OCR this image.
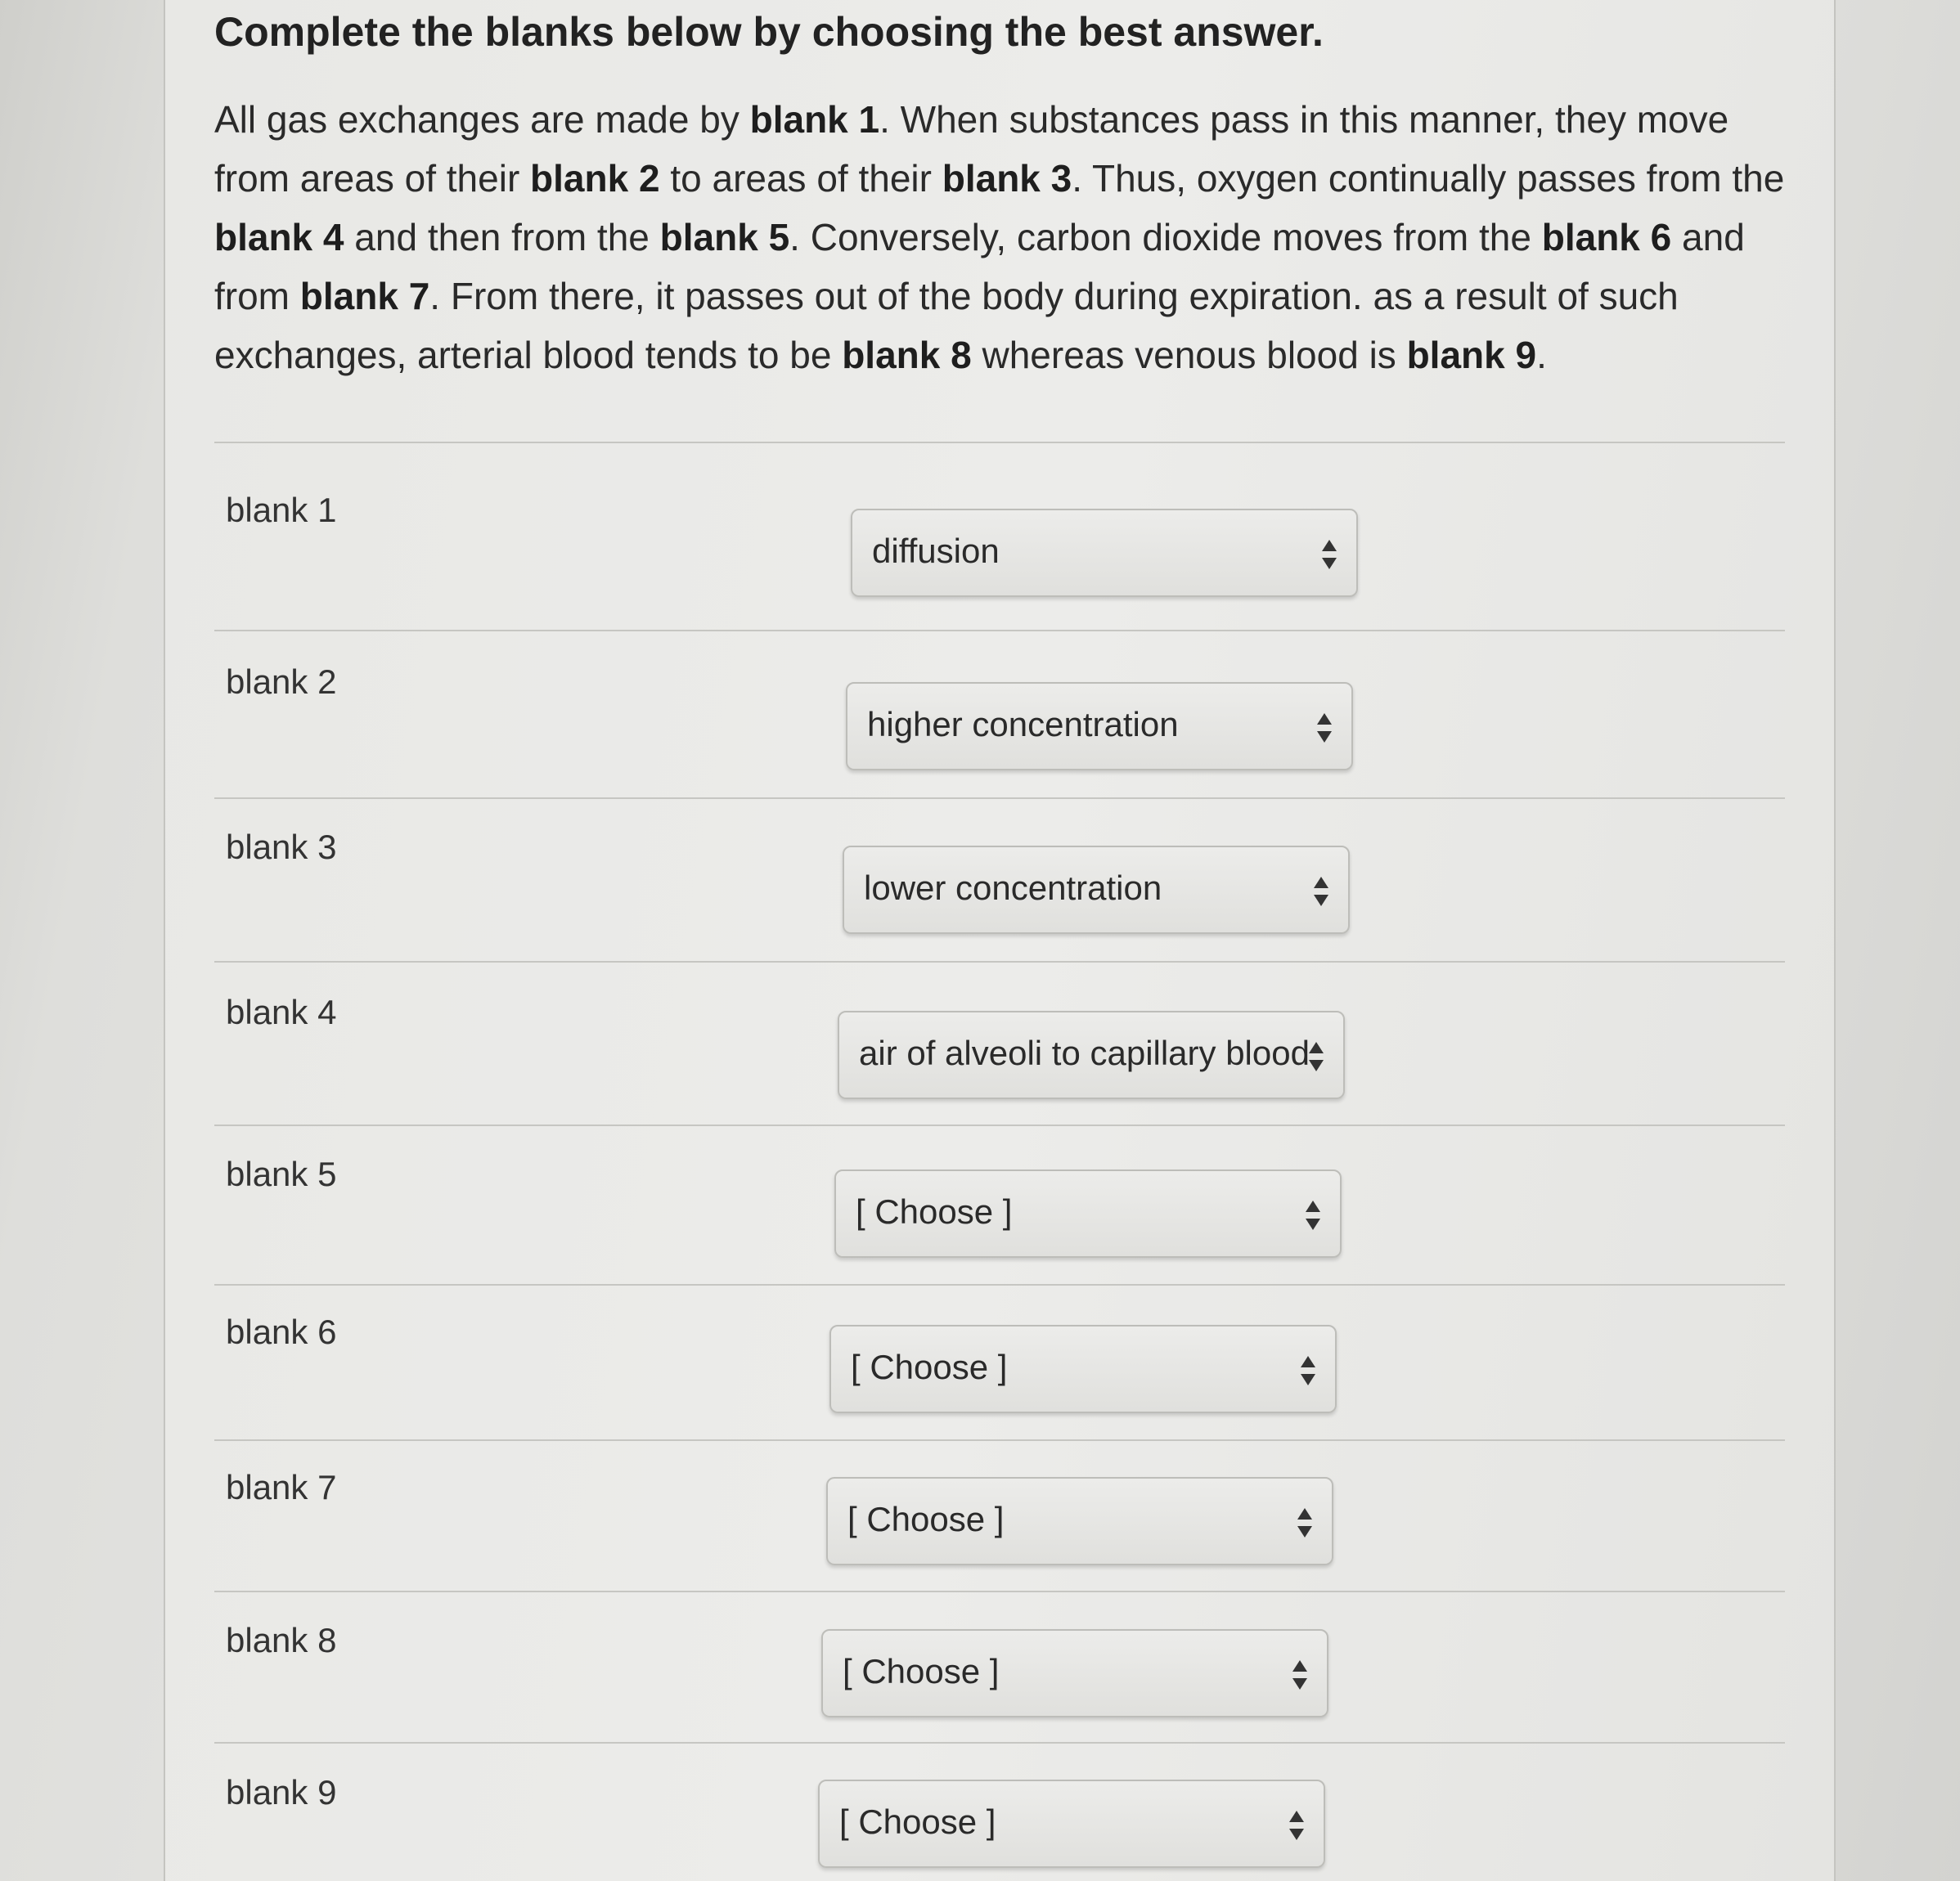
Complete the blanks below by choosing the best answer.

All gas exchanges are made by blank 1. When substances pass in this manner, they move from areas of their blank 2 to areas of their blank 3. Thus, oxygen continually passes from the blank 4 and then from the blank 5. Conversely, carbon dioxide moves from the blank 6 and from blank 7. From there, it passes out of the body during expiration. as a result of such exchanges, arterial blood tends to be blank 8 whereas venous blood is blank 9.

blank 1
diffusion
blank 2
higher concentration
blank 3
lower concentration
blank 4
air of alveoli to capillary blood
blank 5
[ Choose ]
blank 6
[ Choose ]
blank 7
[ Choose ]
blank 8
[ Choose ]
blank 9
[ Choose ]
